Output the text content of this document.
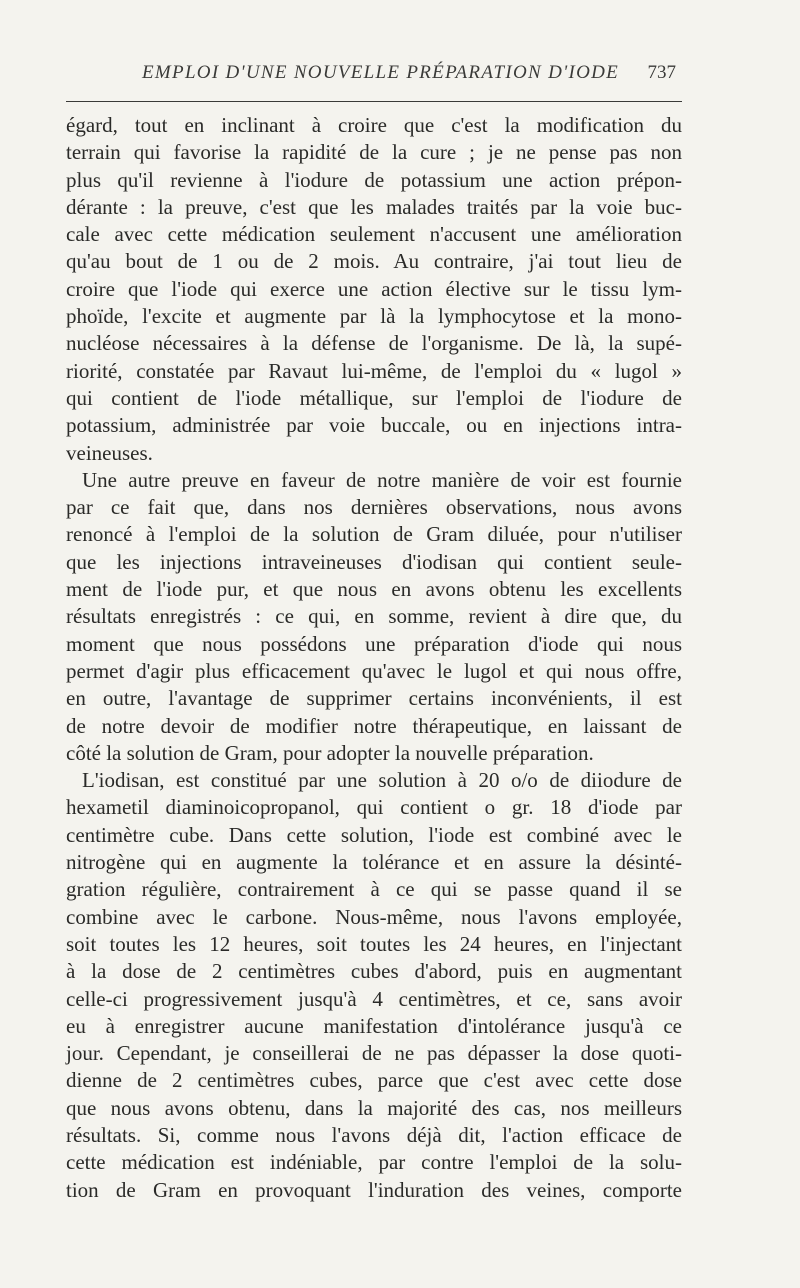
EMPLOI D'UNE NOUVELLE PRÉPARATION D'IODE 737
égard, tout en inclinant à croire que c'est la modification du
terrain qui favorise la rapidité de la cure ; je ne pense pas non
plus qu'il revienne à l'iodure de potassium une action prépon-
dérante : la preuve, c'est que les malades traités par la voie buc-
cale avec cette médication seulement n'accusent une amélioration
qu'au bout de 1 ou de 2 mois. Au contraire, j'ai tout lieu de
croire que l'iode qui exerce une action élective sur le tissu lym-
phoïde, l'excite et augmente par là la lymphocytose et la mono-
nucléose nécessaires à la défense de l'organisme. De là, la supé-
riorité, constatée par Ravaut lui-même, de l'emploi du « lugol »
qui contient de l'iode métallique, sur l'emploi de l'iodure de
potassium, administrée par voie buccale, ou en injections intra-
veineuses.
Une autre preuve en faveur de notre manière de voir est fournie
par ce fait que, dans nos dernières observations, nous avons
renoncé à l'emploi de la solution de Gram diluée, pour n'utiliser
que les injections intraveineuses d'iodisan qui contient seule-
ment de l'iode pur, et que nous en avons obtenu les excellents
résultats enregistrés : ce qui, en somme, revient à dire que, du
moment que nous possédons une préparation d'iode qui nous
permet d'agir plus efficacement qu'avec le lugol et qui nous offre,
en outre, l'avantage de supprimer certains inconvénients, il est
de notre devoir de modifier notre thérapeutique, en laissant de
côté la solution de Gram, pour adopter la nouvelle préparation.
L'iodisan, est constitué par une solution à 20 o/o de diiodure de
hexametil diaminoicopropanol, qui contient o gr. 18 d'iode par
centimètre cube. Dans cette solution, l'iode est combiné avec le
nitrogène qui en augmente la tolérance et en assure la désinté-
gration régulière, contrairement à ce qui se passe quand il se
combine avec le carbone. Nous-même, nous l'avons employée,
soit toutes les 12 heures, soit toutes les 24 heures, en l'injectant
à la dose de 2 centimètres cubes d'abord, puis en augmentant
celle-ci progressivement jusqu'à 4 centimètres, et ce, sans avoir
eu à enregistrer aucune manifestation d'intolérance jusqu'à ce
jour. Cependant, je conseillerai de ne pas dépasser la dose quoti-
dienne de 2 centimètres cubes, parce que c'est avec cette dose
que nous avons obtenu, dans la majorité des cas, nos meilleurs
résultats. Si, comme nous l'avons déjà dit, l'action efficace de
cette médication est indéniable, par contre l'emploi de la solu-
tion de Gram en provoquant l'induration des veines, comporte
